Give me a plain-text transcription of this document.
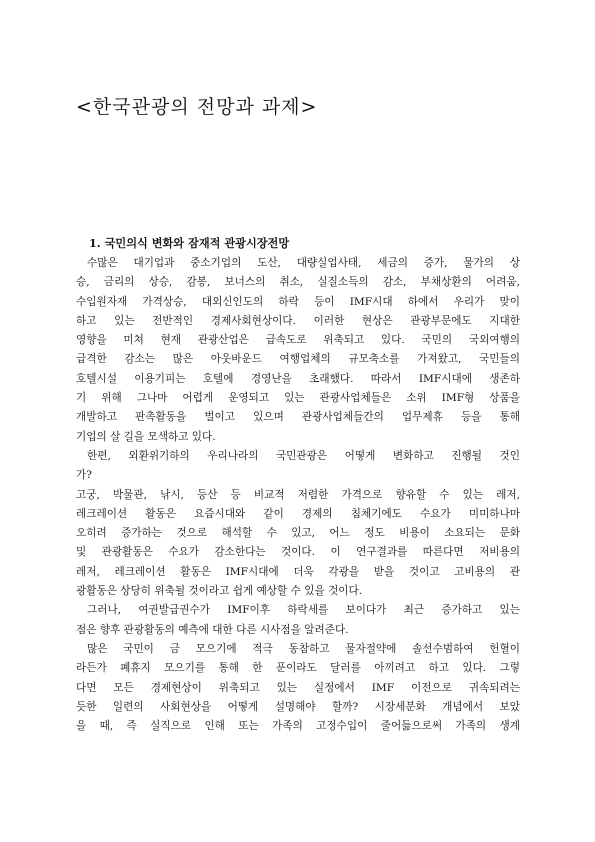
<한국관광의 전망과 과제>
1. 국민의식 변화와 잠재적 관광시장전망
수많은 대기업과 중소기업의 도산, 대량실업사태, 세금의 증가, 물가의 상
승, 금리의 상승, 감봉, 보너스의 취소, 실질소득의 감소, 부채상환의 어려움,
수입원자재 가격상승, 대외신인도의 하락 등이 IMF시대 하에서 우리가 맞이
하고 있는 전반적인 경제사회현상이다. 이러한 현상은 관광부문에도 지대한
영향을 미쳐 현재 관광산업은 급속도로 위축되고 있다. 국민의 국외여행의
급격한 감소는 많은 아웃바운드 여행업체의 규모축소를 가져왔고, 국민들의
호텔시설 이용기피는 호텔에 경영난을 초래했다. 따라서 IMF시대에 생존하
기 위해 그나마 어렵게 운영되고 있는 관광사업체들은 소위 IMF형 상품을
개발하고 판촉활동을 벌이고 있으며 관광사업체들간의 업무제휴 등을 통해
기업의 살 길을 모색하고 있다.
한편, 외환위기하의 우리나라의 국민관광은 어떻게 변화하고 진행될 것인
가?
고궁, 박물관, 낚시, 등산 등 비교적 저렴한 가격으로 향유할 수 있는 레저,
레크레이션 활동은 요즘시대와 같이 경제의 침체기에도 수요가 미미하나마
오히려 증가하는 것으로 해석할 수 있고, 어느 정도 비용이 소요되는 문화
및 관광활동은 수요가 감소한다는 것이다. 이 연구결과를 따른다면 저비용의
레저, 레크레이션 활동은 IMF시대에 더욱 각광을 받을 것이고 고비용의 관
광활동은 상당히 위축될 것이라고 쉽게 예상할 수 있을 것이다.
그러나, 여권발급권수가 IMF이후 하락세를 보이다가 최근 증가하고 있는
점은 향후 관광활동의 예측에 대한 다른 시사점을 알려준다.
많은 국민이 금 모으기에 적극 동참하고 물자절약에 솔선수범하여 헌혈이
라든가 폐휴지 모으기를 통해 한 푼이라도 달러를 아끼려고 하고 있다. 그렇
다면 모든 경제현상이 위축되고 있는 실정에서 IMF 이전으로 귀속되려는
듯한 일련의 사회현상을 어떻게 설명해야 할까? 시장세분화 개념에서 보았
을 때, 즉 실직으로 인해 또는 가족의 고정수입이 줄어듦으로써 가족의 생계
